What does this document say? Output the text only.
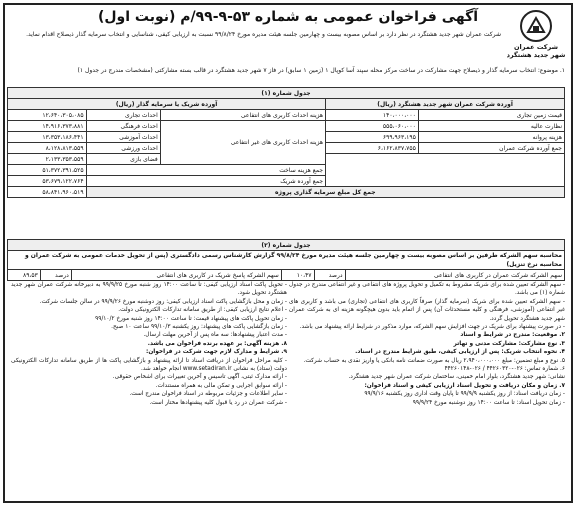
شرکت عمران
شهر جدید هشتگرد
آگهی فراخوان عمومی به شماره ۵۳-۹-۹۹/م (نوبت اول)
شرکت عمران شهر جدید هشتگرد در نظر دارد بر اساس مصوبه بیست و چهارمین جلسه هیئت مدیره مورخ ۹۹/۸/۲۴ نسبت به ارزیابی کیفی، شناسایی و انتخاب سرمایه گذار ذیصلاح اقدام نماید.
۱. موضوع: انتخاب سرمایه گذار و ذیصلاح جهت مشارکت در ساخت مرکز محله سپند آسا کوپال ۱ (زمین ۱ سابق) در فاز ۷ شهر جدید هشتگرد در قالب بسته مشارکتی (مشخصات مندرج در جدول ۱)
جدول شماره (۱)				
آورده شرکت عمران شهر جدید هشتگرد (ریال)		آورده شریک یا سرمایه گذار (ریال)		
قیمت زمین تجاری	۱۴۰،۰۰۰،۰۰۰	هزینه احداث کاربری های انتفاعی	احداث تجاری	۱۲،۶۴۰،۳۰۵،۰۸۵
نظارت عالیه	۵۵۵،۰۶۰،۰۰۰	هزینه احداث کاربری های غیر انتفاعی	احداث فرهنگی	۱۴،۹۱۶،۳۷۳،۸۸۱
هزینه پروانه	۶۹۹،۹۶۳،۱۹۵		احداث آموزشی	۱۳،۳۵۳،۱۸۶،۴۴۱
جمع آورده شرکت عمران	۶،۱۶۲،۸۳۷،۷۵۵		احداث ورزشی	۸،۱۲۸،۸۱۳،۵۵۹
			فضای بازی	۲،۱۳۳،۳۵۳،۵۵۹
		جمع هزینه ساخت		۵۱،۳۷۲،۳۹۱،۵۲۵
		جمع آورده شریک		۵۳،۶۷۹،۱۲۲،۷۶۴
جمع کل مبلغ سرمایه گذاری پروژه				۵۸،۸۴۱،۹۶۰،۵۱۹
جدول شماره (۲)
محاسبه سهم الشرکه طرفین بر اساس مصوبه بیست و چهارمین جلسه هیئت مدیره مورخ ۹۹/۸/۲۴ گزارش کارشناس رسمی دادگستری (پس از تحویل خدمات عمومی به شرکت عمران و محاسبه نرخ تنزیل)
سهم الشرکه شرکت عمران در کاربری های انتفاعی	درصد	۱۰،۴۷	سهم الشرکه پاسخ شریک در کاربری های انتفاعی	درصد	۸۹،۵۳
- سهم الشرکه تعیین شده برای شریک مشروط به تکمیل و تحویل پروژه های انتفاعی و غیر انتفاعی مندرج در جدول شماره (۱) می باشد.
- سهم الشرکه تعیین شده برای شریک (سرمایه گذار) صرفاً کاربری های انتفاعی (تجاری) می باشد و کاربری های غیر انتفاعی (آموزشی، فرهنگی و کلیه مستحدثات آن) پس از اتمام باید بدون هیچگونه هزینه ای به شرکت عمران شهر جدید هشتگرد تحویل گردد.
- در صورت پیشنهاد برای شریک در جهت افزایش سهم الشرکه، موارد مذکور در شرایط ارائه پیشنهاد می باشد.
۲. موقعیت: مندرج در شرایط و اسناد
۳. نوع مشارکت: مشارکت مدنی و تهاتر
۴. نحوه انتخاب شریک: پس از ارزیابی کیفی، طبق شرایط مندرج در اسناد.
۵. نوع و مبلغ تضمین: مبلغ ۲،۹۴۰،۰۰۰،۰۰۰ ریال به صورت ضمانت نامه بانکی یا واریز نقدی به حساب شرکت.
۶. شماره تماس: ۰۲۶-۴۴۲۶۰۳۲۰ / ۰۲۶-۴۴۲۶۰۱۴۸
نشانی: شهر جدید هشتگرد، بلوار امام خمینی، ساختمان شرکت عمران شهر جدید هشتگرد.
۷. زمان و مکان دریافت و تحویل اسناد ارزیابی کیفی و اسناد فراخوان:
- زمان دریافت اسناد: از روز یکشنبه ۹۹/۹/۹ تا پایان وقت اداری روز یکشنبه ۹۹/۹/۱۶
- زمان تحویل اسناد: تا ساعت ۱۴:۰۰ روز دوشنبه مورخ ۹۹/۹/۲۴
- تحویل پاکت اسناد ارزیابی کیفی: تا ساعت ۱۴:۰۰ روز شنبه مورخ ۹۹/۹/۲۵ به دبیرخانه شرکت عمران شهر جدید هشتگرد تحویل شود.
- زمان و محل بازگشایی پاکت اسناد ارزیابی کیفی: روز دوشنبه مورخ ۹۹/۹/۲۶ در سالن جلسات شرکت.
- اعلام نتایج ارزیابی کیفی: از طریق سامانه تدارکات الکترونیکی دولت.
- زمان تحویل پاکت های پیشنهاد قیمت: تا ساعت ۱۴:۰۰ روز شنبه مورخ ۹۹/۱۰/۲
- زمان بازگشایی پاکت های پیشنهاد: روز یکشنبه ۹۹/۱۰/۳ ساعت ۱۰ صبح.
- مدت اعتبار پیشنهادها: سه ماه پس از آخرین مهلت ارسال.
۸. هزینه آگهی: بر عهده برنده فراخوان می باشد.
۹. شرایط و مدارک لازم جهت شرکت در فراخوان:
- کلیه مراحل فراخوان از دریافت اسناد تا ارائه پیشنهاد و بازگشایی پاکت ها از طریق سامانه تدارکات الکترونیکی دولت (ستاد) به نشانی www.setadiran.ir انجام خواهد شد.
- ارائه مدارک ثبتی، آگهی تاسیس و آخرین تغییرات برای اشخاص حقوقی.
- ارائه سوابق اجرایی و تمکن مالی به همراه مستندات.
- سایر اطلاعات و جزئیات مربوطه در اسناد فراخوان مندرج است.
- شرکت عمران در رد یا قبول کلیه پیشنهادها مختار است.
